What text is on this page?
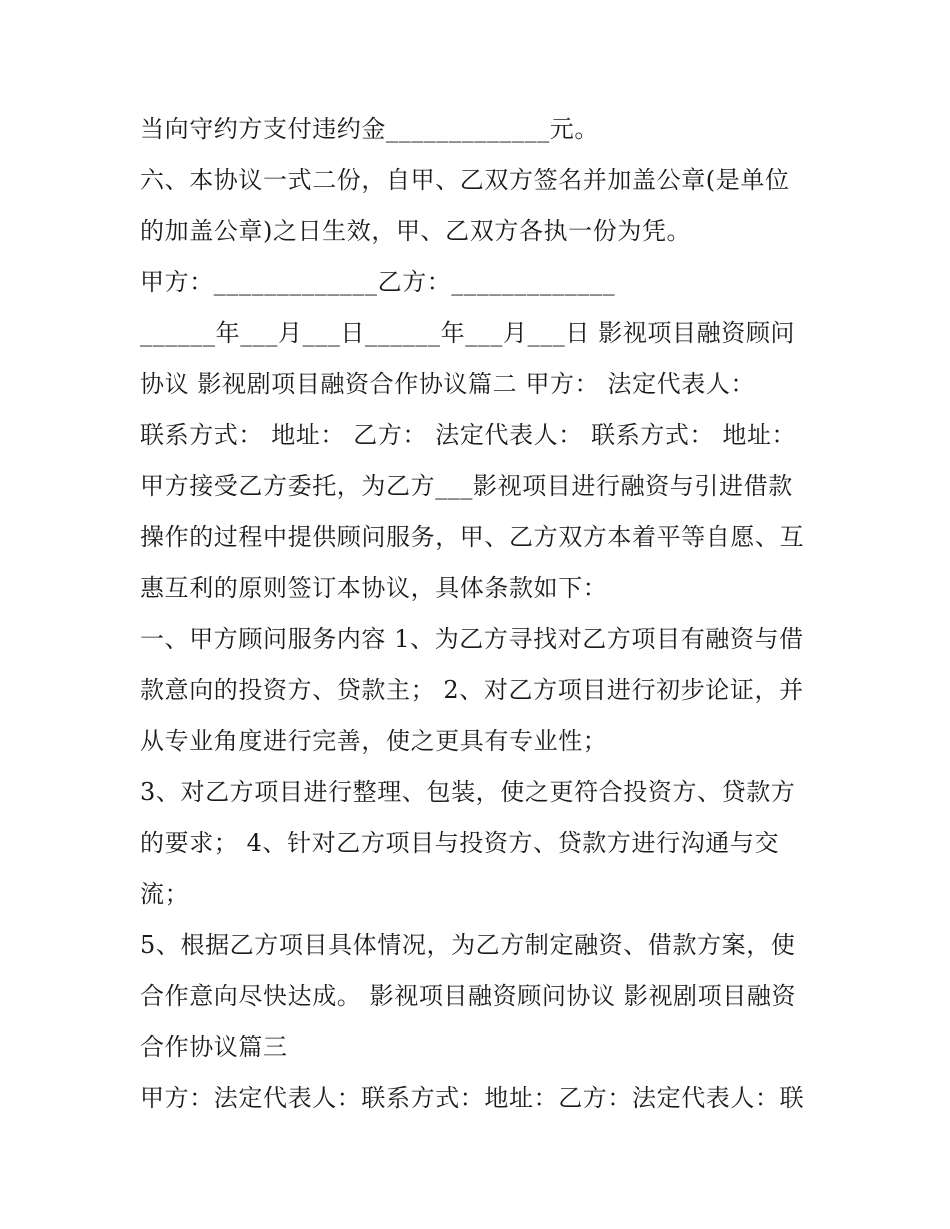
当向守约方支付违约金_____________元。
六、本协议一式二份，自甲、乙双方签名并加盖公章(是单位
的加盖公章)之日生效，甲、乙双方各执一份为凭。
甲方：_____________乙方：_____________
______年___月___日______年___月___日 影视项目融资顾问
协议 影视剧项目融资合作协议篇二 甲方： 法定代表人：
联系方式： 地址： 乙方： 法定代表人： 联系方式： 地址：
甲方接受乙方委托，为乙方___影视项目进行融资与引进借款
操作的过程中提供顾问服务，甲、乙方双方本着平等自愿、互
惠互利的原则签订本协议，具体条款如下：
一、甲方顾问服务内容 1、为乙方寻找对乙方项目有融资与借
款意向的投资方、贷款主； 2、对乙方项目进行初步论证，并
从专业角度进行完善，使之更具有专业性；
3、对乙方项目进行整理、包装，使之更符合投资方、贷款方
的要求； 4、针对乙方项目与投资方、贷款方进行沟通与交
流；
5、根据乙方项目具体情况，为乙方制定融资、借款方案，使
合作意向尽快达成。 影视项目融资顾问协议 影视剧项目融资
合作协议篇三
甲方：法定代表人：联系方式：地址：乙方：法定代表人：联
